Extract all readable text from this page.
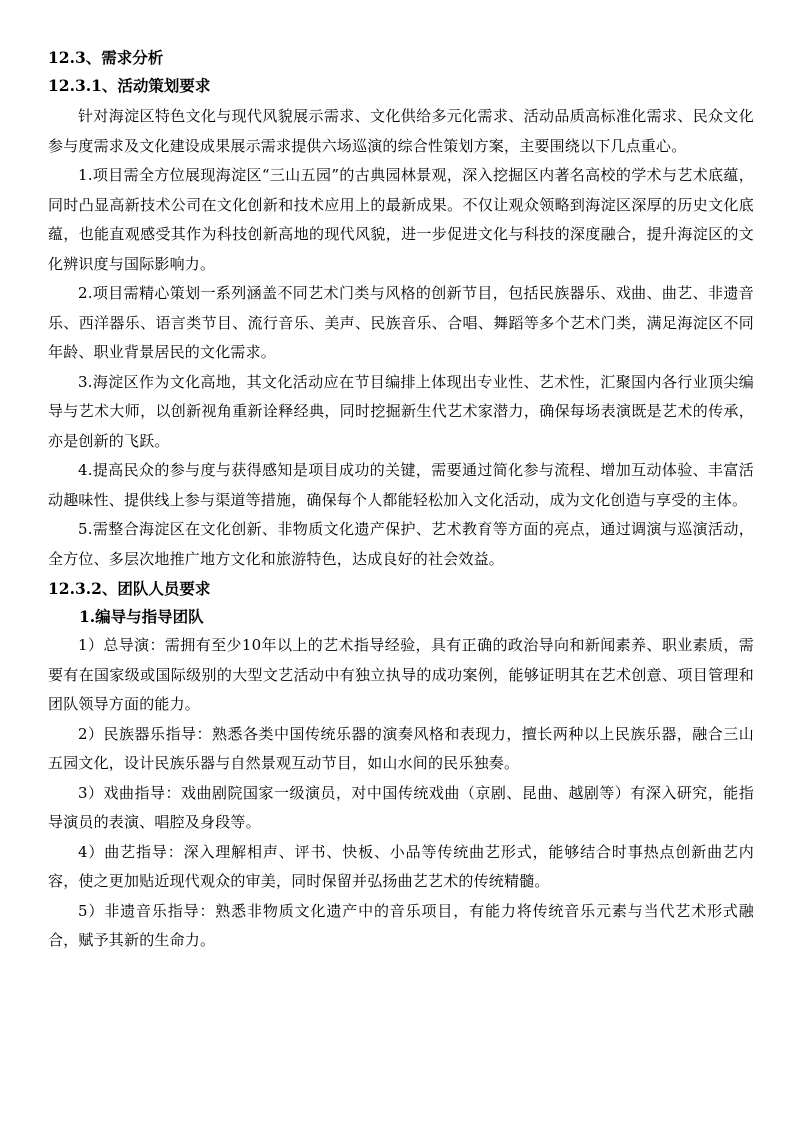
12.3、需求分析

12.3.1、活动策划要求

针对海淀区特色文化与现代风貌展示需求、文化供给多元化需求、活动品质高标准化需求、民众文化参与度需求及文化建设成果展示需求提供六场巡演的综合性策划方案，主要围绕以下几点重心。

1.项目需全方位展现海淀区“三山五园”的古典园林景观，深入挖掘区内著名高校的学术与艺术底蕴，同时凸显高新技术公司在文化创新和技术应用上的最新成果。不仅让观众领略到海淀区深厚的历史文化底蕴，也能直观感受其作为科技创新高地的现代风貌，进一步促进文化与科技的深度融合，提升海淀区的文化辨识度与国际影响力。

2.项目需精心策划一系列涵盖不同艺术门类与风格的创新节目，包括民族器乐、戏曲、曲艺、非遗音乐、西洋器乐、语言类节目、流行音乐、美声、民族音乐、合唱、舞蹈等多个艺术门类，满足海淀区不同年龄、职业背景居民的文化需求。

3.海淀区作为文化高地，其文化活动应在节目编排上体现出专业性、艺术性，汇聚国内各行业顶尖编导与艺术大师，以创新视角重新诠释经典，同时挖掘新生代艺术家潜力，确保每场表演既是艺术的传承，亦是创新的飞跃。

4.提高民众的参与度与获得感知是项目成功的关键，需要通过简化参与流程、增加互动体验、丰富活动趣味性、提供线上参与渠道等措施，确保每个人都能轻松加入文化活动，成为文化创造与享受的主体。

5.需整合海淀区在文化创新、非物质文化遗产保护、艺术教育等方面的亮点，通过调演与巡演活动，全方位、多层次地推广地方文化和旅游特色，达成良好的社会效益。

12.3.2、团队人员要求

1.编导与指导团队

1）总导演：需拥有至少10年以上的艺术指导经验，具有正确的政治导向和新闻素养、职业素质，需要有在国家级或国际级别的大型文艺活动中有独立执导的成功案例，能够证明其在艺术创意、项目管理和团队领导方面的能力。

2）民族器乐指导：熟悉各类中国传统乐器的演奏风格和表现力，擅长两种以上民族乐器，融合三山五园文化，设计民族乐器与自然景观互动节目，如山水间的民乐独奏。

3）戏曲指导：戏曲剧院国家一级演员，对中国传统戏曲（京剧、昆曲、越剧等）有深入研究，能指导演员的表演、唱腔及身段等。

4）曲艺指导：深入理解相声、评书、快板、小品等传统曲艺形式，能够结合时事热点创新曲艺内容，使之更加贴近现代观众的审美，同时保留并弘扬曲艺艺术的传统精髓。

5）非遗音乐指导：熟悉非物质文化遗产中的音乐项目，有能力将传统音乐元素与当代艺术形式融合，赋予其新的生命力。
